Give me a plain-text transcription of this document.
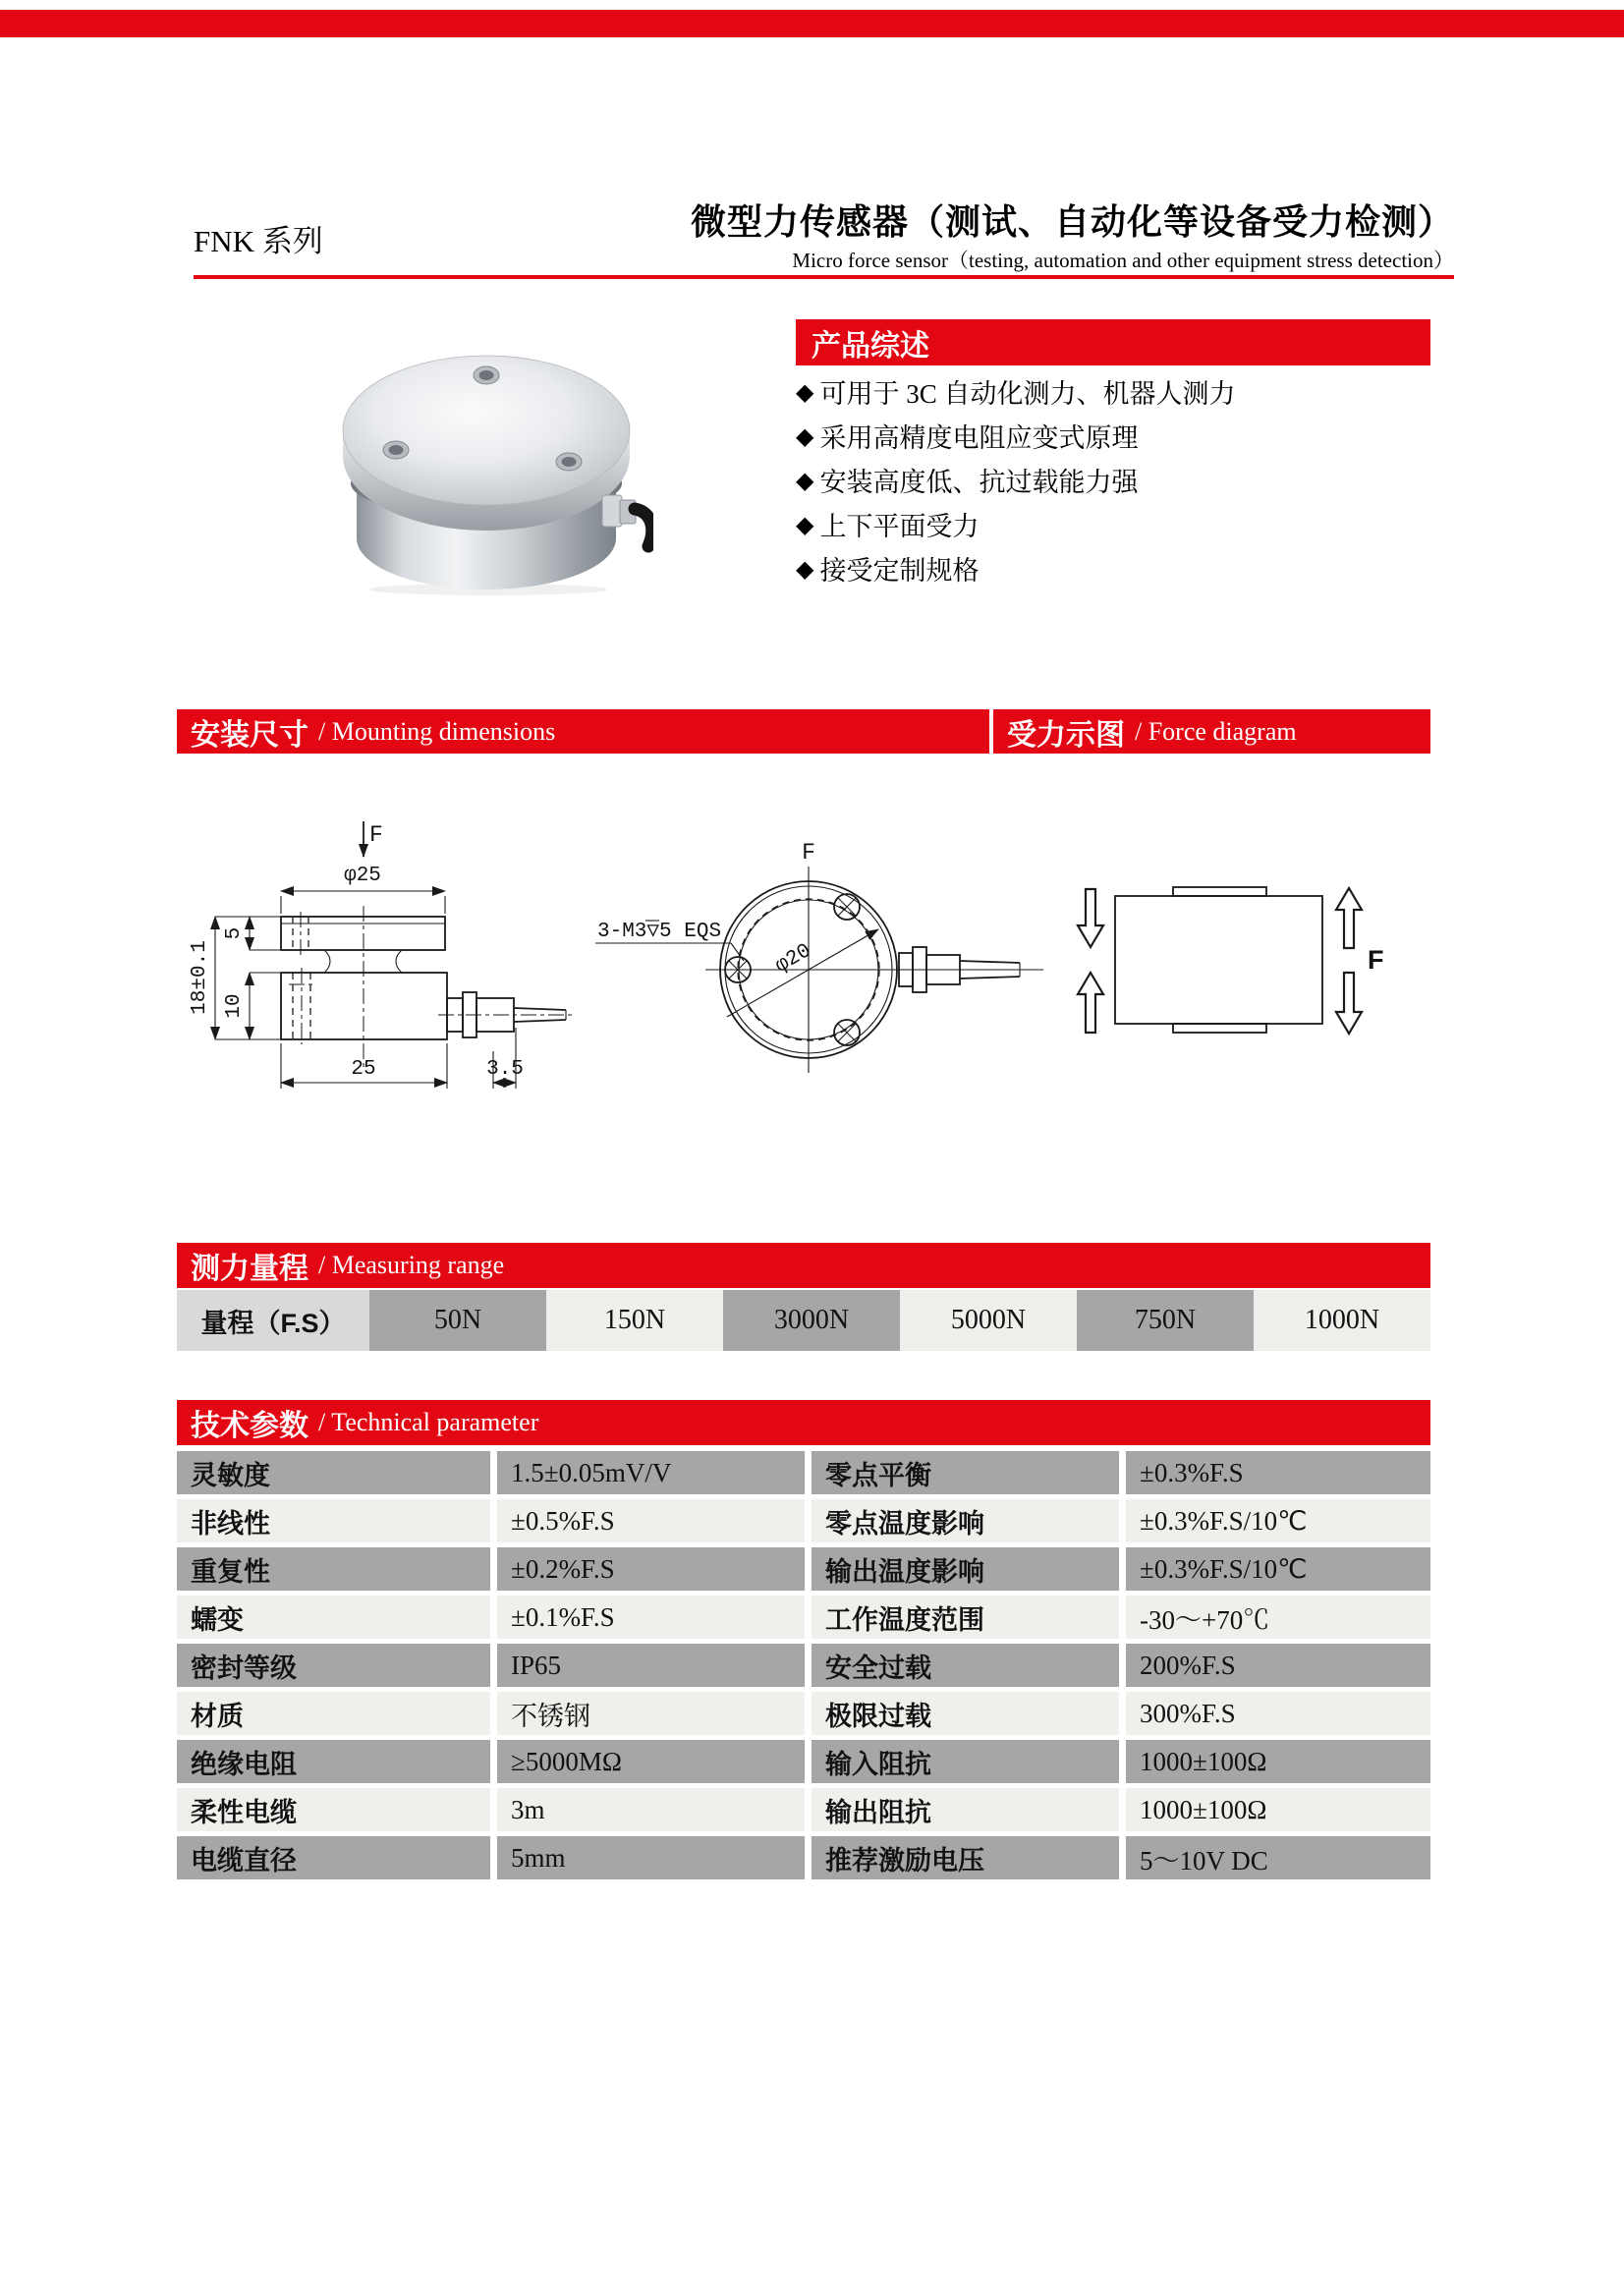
FNK 系列	微型力传感器（测试、自动化等设备受力检测）
Micro force sensor（testing, automation and other equipment stress detection）
产品综述
◆ 可用于 3C 自动化测力、机器人测力
◆ 采用高精度电阻应变式原理
◆ 安装高度低、抗过载能力强
◆ 上下平面受力
◆ 接受定制规格
安装尺寸 / Mounting dimensions	受力示图 / Force diagram
F
φ25
25	3.5
18±0.1
5
10
F
φ20
3-M3▽5 EQS
F
测力量程 / Measuring range
量程（F.S）	50N	150N	3000N	5000N	750N	1000N
技术参数 / Technical parameter
灵敏度	1.5±0.05mV/V	零点平衡	±0.3%F.S
非线性	±0.5%F.S	零点温度影响	±0.3%F.S/10℃
重复性	±0.2%F.S	输出温度影响	±0.3%F.S/10℃
蠕变	±0.1%F.S	工作温度范围	-30～+70℃
密封等级	IP65	安全过载	200%F.S
材质	不锈钢	极限过载	300%F.S
绝缘电阻	≥5000MΩ	输入阻抗	1000±100Ω
柔性电缆	3m	输出阻抗	1000±100Ω
电缆直径	5mm	推荐激励电压	5～10V DC
